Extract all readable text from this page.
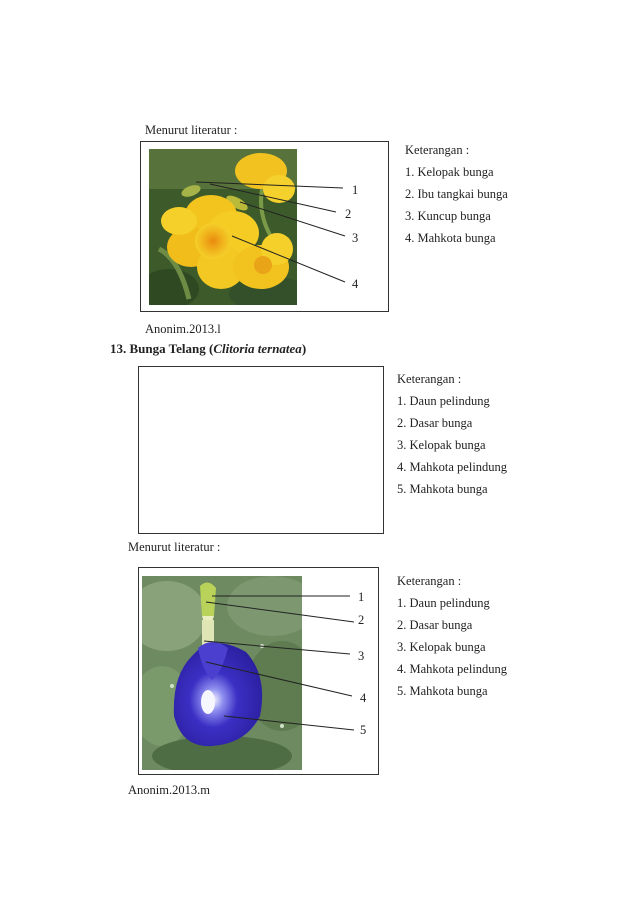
Menurut literatur :
1
2
3
4
Keterangan :
1. Kelopak bunga
2. Ibu tangkai bunga
3. Kuncup bunga
4. Mahkota bunga
Anonim.2013.l
13. Bunga Telang (Clitoria ternatea)
Keterangan :
1. Daun pelindung
2. Dasar bunga
3. Kelopak bunga
4. Mahkota pelindung
5. Mahkota bunga
Menurut literatur :
1
2
3
4
5
Keterangan :
1. Daun pelindung
2. Dasar bunga
3. Kelopak bunga
4. Mahkota pelindung
5. Mahkota bunga
Anonim.2013.m
